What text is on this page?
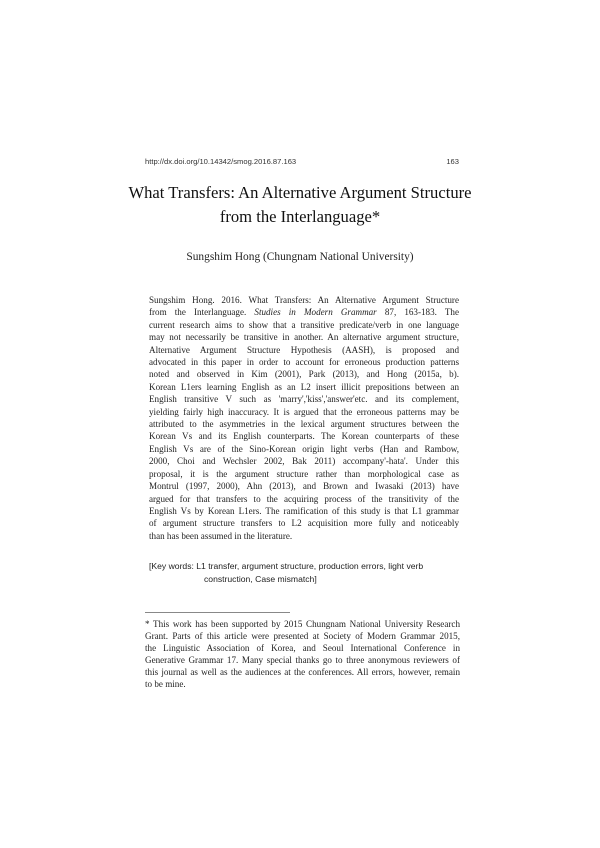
http://dx.doi.org/10.14342/smog.2016.87.163	163
What Transfers: An Alternative Argument Structure
from the Interlanguage*
Sungshim Hong (Chungnam National University)

Sungshim Hong. 2016. What Transfers: An Alternative Argument Structure
from the Interlanguage. Studies in Modern Grammar 87, 163-183. The
current research aims to show that a transitive predicate/verb in one language
may not necessarily be transitive in another. An alternative argument structure,
Alternative Argument Structure Hypothesis (AASH), is proposed and
advocated in this paper in order to account for erroneous production patterns
noted and observed in Kim (2001), Park (2013), and Hong (2015a, b).
Korean L1ers learning English as an L2 insert illicit prepositions between an
English transitive V such as 'marry','kiss','answer'etc. and its complement,
yielding fairly high inaccuracy. It is argued that the erroneous patterns may be
attributed to the asymmetries in the lexical argument structures between the
Korean Vs and its English counterparts. The Korean counterparts of these
English Vs are of the Sino-Korean origin light verbs (Han and Rambow,
2000, Choi and Wechsler 2002, Bak 2011) accompany'-hata'. Under this
proposal, it is the argument structure rather than morphological case as
Montrul (1997, 2000), Ahn (2013), and Brown and Iwasaki (2013) have
argued for that transfers to the acquiring process of the transitivity of the
English Vs by Korean L1ers. The ramification of this study is that L1 grammar
of argument structure transfers to L2 acquisition more fully and noticeably
than has been assumed in the literature.

[Key words: L1 transfer, argument structure, production errors, light verb
construction, Case mismatch]

* This work has been supported by 2015 Chungnam National University Research
Grant. Parts of this article were presented at Society of Modern Grammar 2015,
the Linguistic Association of Korea, and Seoul International Conference in
Generative Grammar 17. Many special thanks go to three anonymous reviewers of
this journal as well as the audiences at the conferences. All errors, however, remain
to be mine.
